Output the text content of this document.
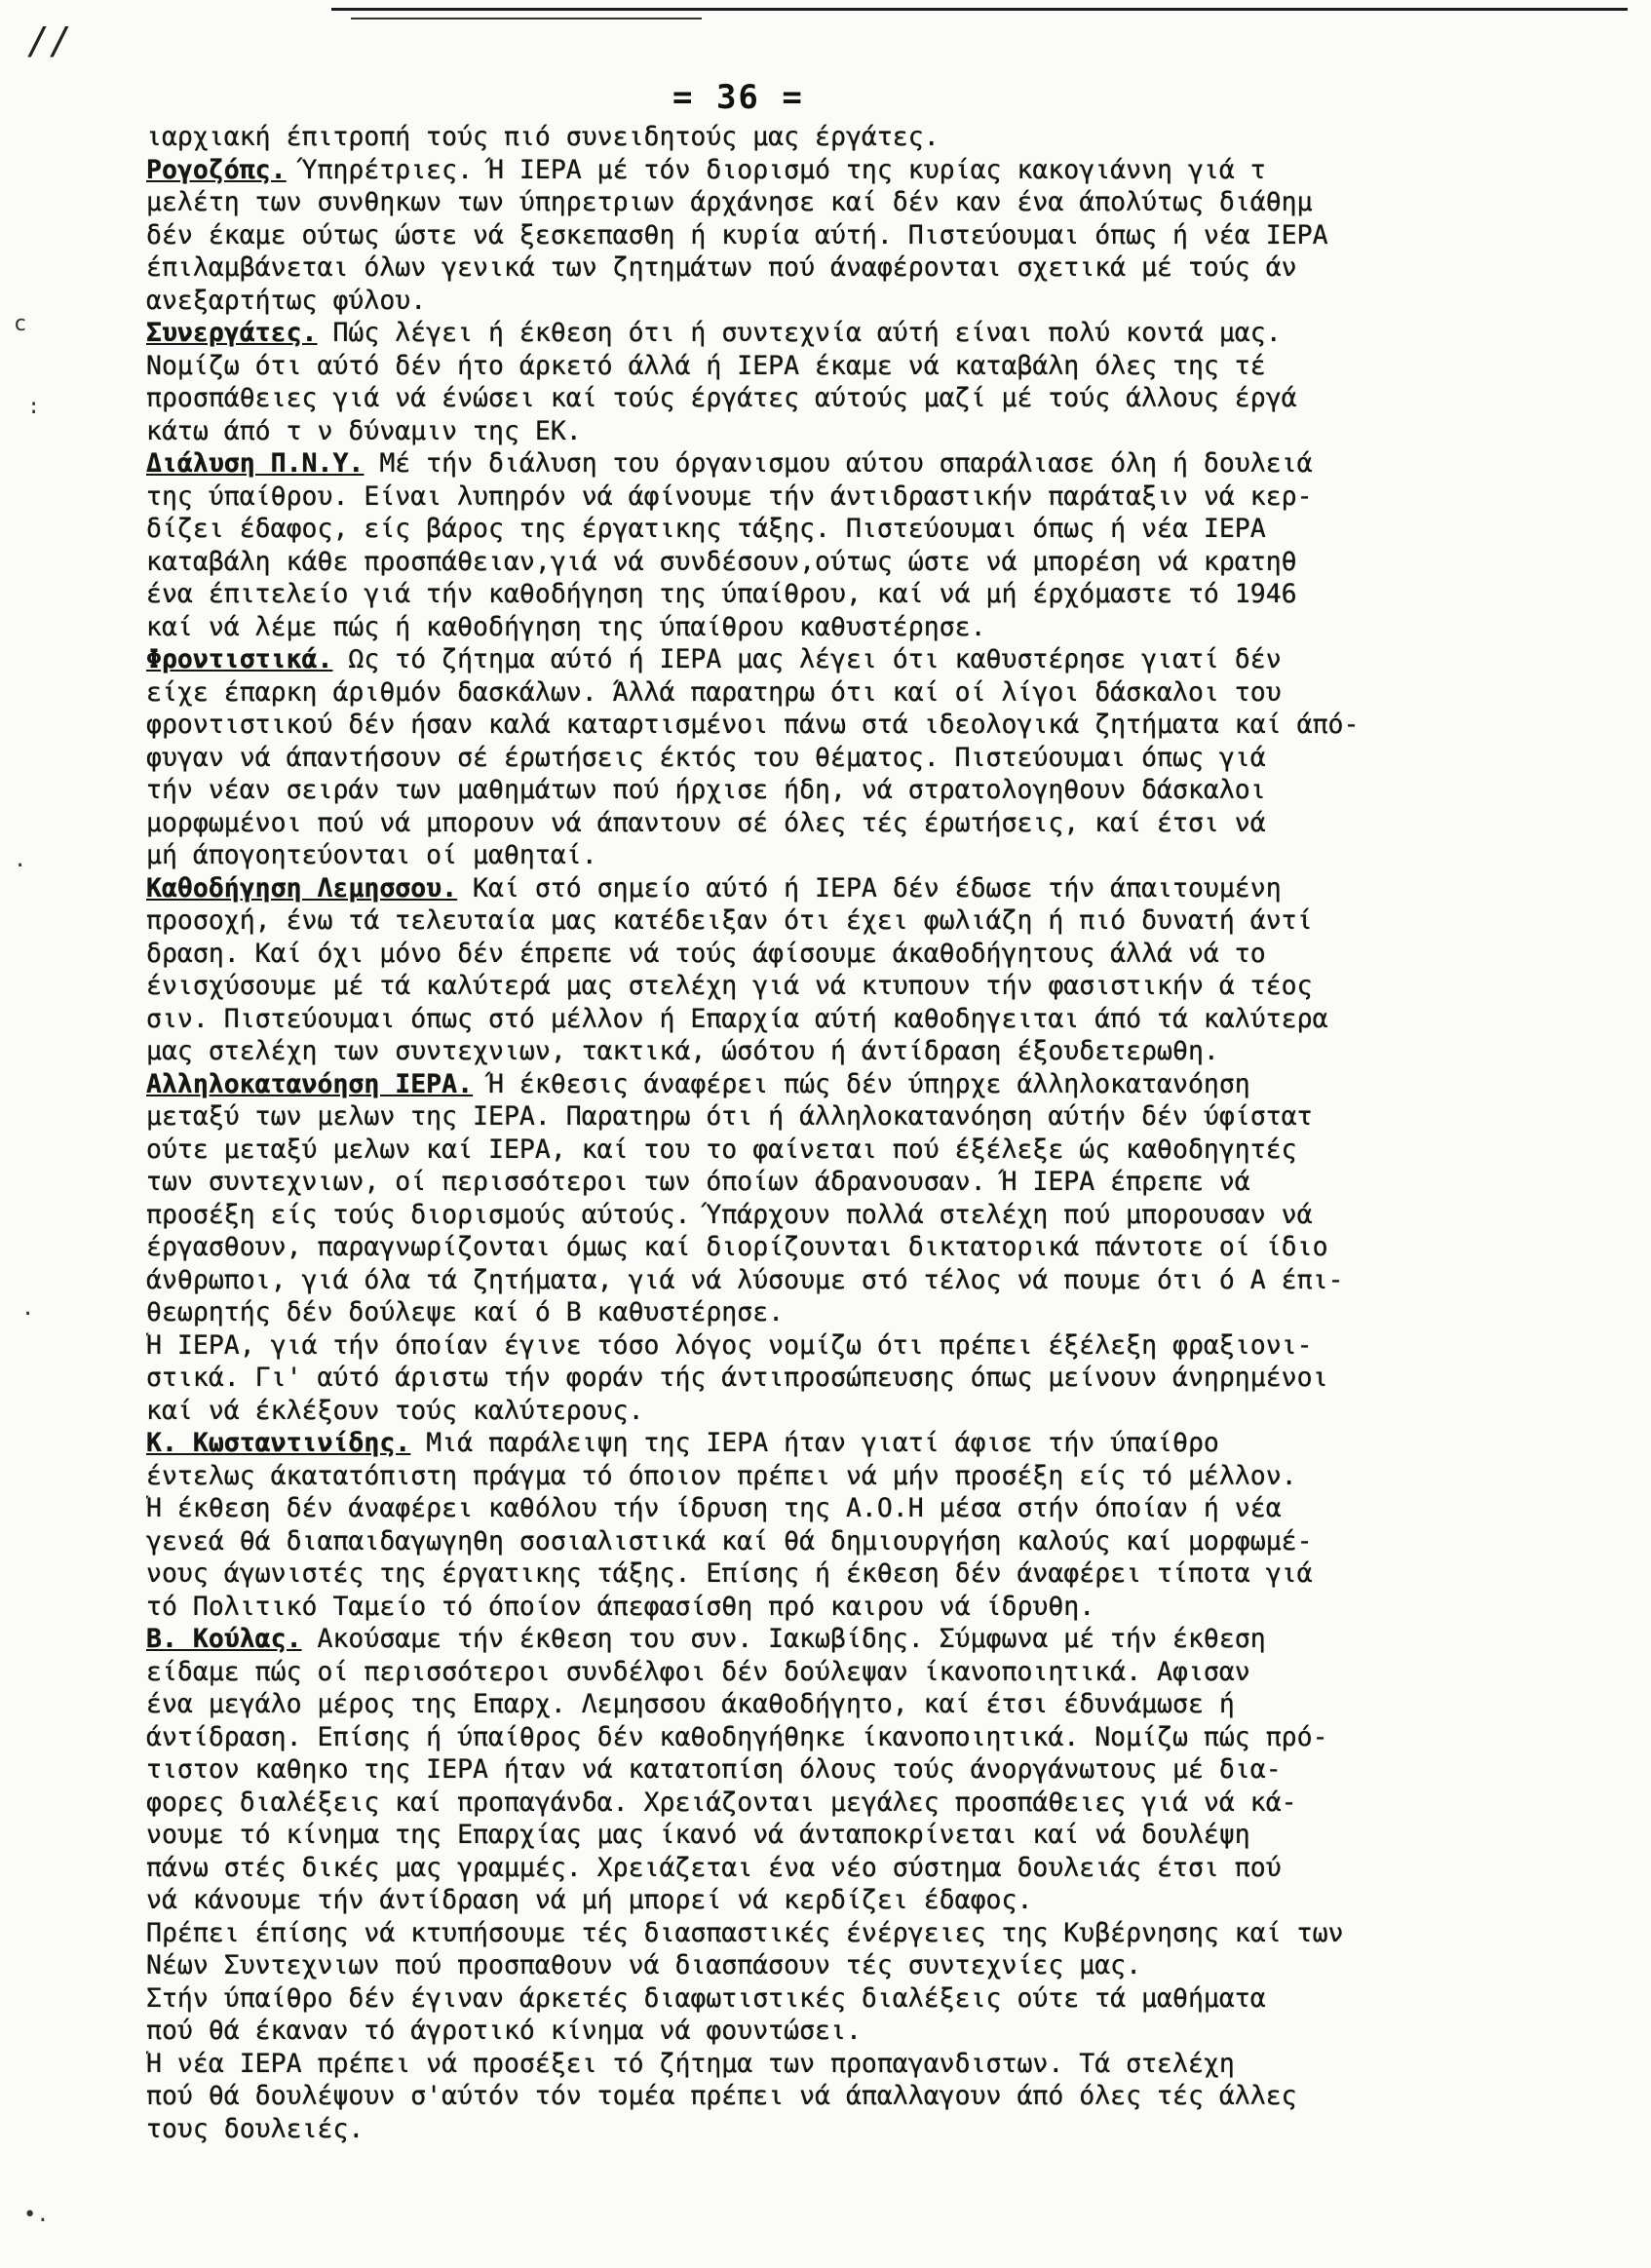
//
c
:
.
.
•.
= 36 =
ιαρχιακή έπιτροπή τούς πιό συνειδητούς μας έργάτες.
Ρογοζόπς. Ύπηρέτριες. Ή ΙΕΡΑ μέ τόν διορισμό της κυρίας κακογιάννη γιά τ
μελέτη των συνθηκων των ύπηρετριων άρχάνησε καί δέν καν ένα άπολύτως διάθημ
δέν έκαμε ούτως ώστε νά ξεσκεπασθη ή κυρία αύτή. Πιστεύουμαι όπως ή νέα ΙΕΡΑ
έπιλαμβάνεται όλων γενικά των ζητημάτων πού άναφέρονται σχετικά μέ τούς άν
ανεξαρτήτως φύλου.
Συνεργάτες. Πώς λέγει ή έκθεση ότι ή συντεχνία αύτή είναι πολύ κοντά μας.
Νομίζω ότι αύτό δέν ήτο άρκετό άλλά ή ΙΕΡΑ έκαμε νά καταβάλη όλες της τέ
προσπάθειες γιά νά ένώσει καί τούς έργάτες αύτούς μαζί μέ τούς άλλους έργά
κάτω άπό τ ν δύναμιν της ΕΚ.
Διάλυση Π.Ν.Υ. Μέ τήν διάλυση του όργανισμου αύτου σπαράλιασε όλη ή δουλειά
της ύπαίθρου. Είναι λυπηρόν νά άφίνουμε τήν άντιδραστικήν παράταξιν νά κερ-
δίζει έδαφος, είς βάρος της έργατικης τάξης. Πιστεύουμαι όπως ή νέα ΙΕΡΑ
καταβάλη κάθε προσπάθειαν,γιά νά συνδέσουν,ούτως ώστε νά μπορέση νά κρατηθ
ένα έπιτελείο γιά τήν καθοδήγηση της ύπαίθρου, καί νά μή έρχόμαστε τό 1946
καί νά λέμε πώς ή καθοδήγηση της ύπαίθρου καθυστέρησε.
Φροντιστικά. Ως τό ζήτημα αύτό ή ΙΕΡΑ μας λέγει ότι καθυστέρησε γιατί δέν
είχε έπαρκη άριθμόν δασκάλων. Άλλά παρατηρω ότι καί οί λίγοι δάσκαλοι του
φροντιστικού δέν ήσαν καλά καταρτισμένοι πάνω στά ιδεολογικά ζητήματα καί άπό-
φυγαν νά άπαντήσουν σέ έρωτήσεις έκτός του θέματος. Πιστεύουμαι όπως γιά
τήν νέαν σειράν των μαθημάτων πού ήρχισε ήδη, νά στρατολογηθουν δάσκαλοι
μορφωμένοι πού νά μπορουν νά άπαντουν σέ όλες τές έρωτήσεις, καί έτσι νά
μή άπογοητεύονται οί μαθηταί.
Καθοδήγηση Λεμησσου. Καί στό σημείο αύτό ή ΙΕΡΑ δέν έδωσε τήν άπαιτουμένη
προσοχή, ένω τά τελευταία μας κατέδειξαν ότι έχει φωλιάζη ή πιό δυνατή άντί
δραση. Καί όχι μόνο δέν έπρεπε νά τούς άφίσουμε άκαθοδήγητους άλλά νά το
ένισχύσουμε μέ τά καλύτερά μας στελέχη γιά νά κτυπουν τήν φασιστικήν ά τέος
σιν. Πιστεύουμαι όπως στό μέλλον ή Επαρχία αύτή καθοδηγειται άπό τά καλύτερα
μας στελέχη των συντεχνιων, τακτικά, ώσότου ή άντίδραση έξουδετερωθη.
Αλληλοκατανόηση ΙΕΡΑ. Ή έκθεσις άναφέρει πώς δέν ύπηρχε άλληλοκατανόηση
μεταξύ των μελων της ΙΕΡΑ. Παρατηρω ότι ή άλληλοκατανόηση αύτήν δέν ύφίστατ
ούτε μεταξύ μελων καί ΙΕΡΑ, καί του το φαίνεται πού έξέλεξε ώς καθοδηγητές
των συντεχνιων, οί περισσότεροι των όποίων άδρανουσαν. Ή ΙΕΡΑ έπρεπε νά
προσέξη είς τούς διορισμούς αύτούς. Ύπάρχουν πολλά στελέχη πού μπορουσαν νά
έργασθουν, παραγνωρίζονται όμως καί διορίζουνται δικτατορικά πάντοτε οί ίδιο
άνθρωποι, γιά όλα τά ζητήματα, γιά νά λύσουμε στό τέλος νά πουμε ότι ό Α έπι-
θεωρητής δέν δούλεψε καί ό Β καθυστέρησε.
Ή ΙΕΡΑ, γιά τήν όποίαν έγινε τόσο λόγος νομίζω ότι πρέπει έξέλεξη φραξιονι-
στικά. Γι' αύτό άριστω τήν φοράν τής άντιπροσώπευσης όπως μείνουν άνηρημένοι
καί νά έκλέξουν τούς καλύτερους.
Κ. Κωσταντινίδης. Μιά παράλειψη της ΙΕΡΑ ήταν γιατί άφισε τήν ύπαίθρο
έντελως άκατατόπιστη πράγμα τό όποιον πρέπει νά μήν προσέξη είς τό μέλλον.
Ή έκθεση δέν άναφέρει καθόλου τήν ίδρυση της Α.Ο.Η μέσα στήν όποίαν ή νέα
γενεά θά διαπαιδαγωγηθη σοσιαλιστικά καί θά δημιουργήση καλούς καί μορφωμέ-
νους άγωνιστές της έργατικης τάξης. Επίσης ή έκθεση δέν άναφέρει τίποτα γιά
τό Πολιτικό Ταμείο τό όποίον άπεφασίσθη πρό καιρου νά ίδρυθη.
Β. Κούλας. Ακούσαμε τήν έκθεση του συν. Ιακωβίδης. Σύμφωνα μέ τήν έκθεση
είδαμε πώς οί περισσότεροι συνδέλφοι δέν δούλεψαν ίκανοποιητικά. Αφισαν
ένα μεγάλο μέρος της Επαρχ. Λεμησσου άκαθοδήγητο, καί έτσι έδυνάμωσε ή
άντίδραση. Επίσης ή ύπαίθρος δέν καθοδηγήθηκε ίκανοποιητικά. Νομίζω πώς πρό-
τιστον καθηκο της ΙΕΡΑ ήταν νά κατατοπίση όλους τούς άνοργάνωτους μέ δια-
φορες διαλέξεις καί προπαγάνδα. Χρειάζονται μεγάλες προσπάθειες γιά νά κά-
νουμε τό κίνημα της Επαρχίας μας ίκανό νά άνταποκρίνεται καί νά δουλέψη
πάνω στές δικές μας γραμμές. Χρειάζεται ένα νέο σύστημα δουλειάς έτσι πού
νά κάνουμε τήν άντίδραση νά μή μπορεί νά κερδίζει έδαφος.
Πρέπει έπίσης νά κτυπήσουμε τές διασπαστικές ένέργειες της Κυβέρνησης καί των
Νέων Συντεχνιων πού προσπαθουν νά διασπάσουν τές συντεχνίες μας.
Στήν ύπαίθρο δέν έγιναν άρκετές διαφωτιστικές διαλέξεις ούτε τά μαθήματα
πού θά έκαναν τό άγροτικό κίνημα νά φουντώσει.
Ή νέα ΙΕΡΑ πρέπει νά προσέξει τό ζήτημα των προπαγανδιστων. Τά στελέχη
πού θά δουλέψουν σ'αύτόν τόν τομέα πρέπει νά άπαλλαγουν άπό όλες τές άλλες
τους δουλειές.
